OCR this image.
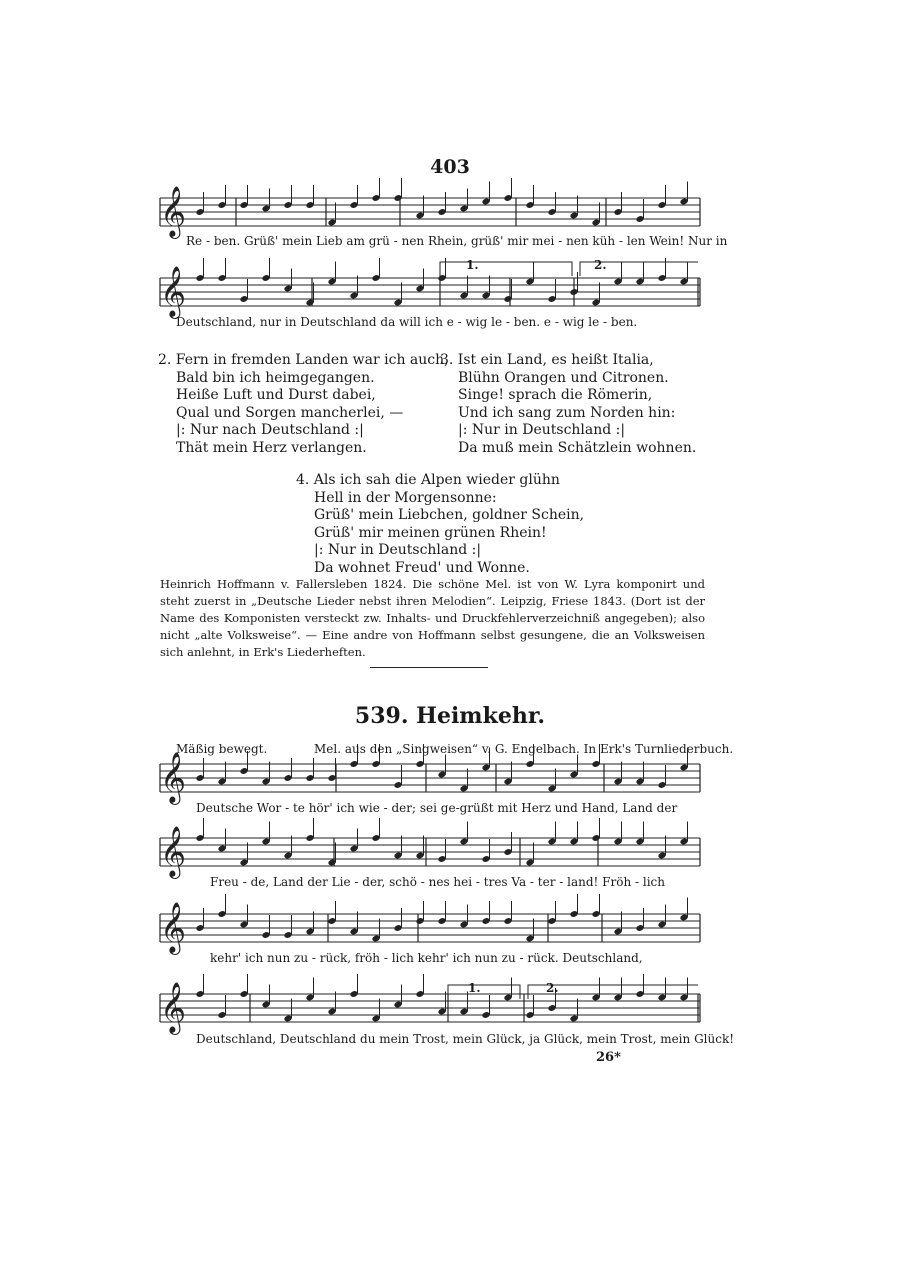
403
𝄞
𝄞
𝄞
𝄞
𝄞
𝄞
1.	2.
Re - ben. Grüß' mein Lieb am grü - nen Rhein, grüß' mir mei - nen küh - len Wein! Nur in
Deutschland, nur in Deutschland da will ich e - wig le - ben. e - wig le - ben.
2. Fern in fremden Landen war ich auch,
Bald bin ich heimgegangen.
Heiße Luft und Durst dabei,
Qual und Sorgen mancherlei, —
|: Nur nach Deutschland :|
Thät mein Herz verlangen.
3. Ist ein Land, es heißt Italia,
Blühn Orangen und Citronen.
Singe! sprach die Römerin,
Und ich sang zum Norden hin:
|: Nur in Deutschland :|
Da muß mein Schätzlein wohnen.
4. Als ich sah die Alpen wieder glühn
Hell in der Morgensonne:
Grüß' mein Liebchen, goldner Schein,
Grüß' mir meinen grünen Rhein!
|: Nur in Deutschland :|
Da wohnet Freud' und Wonne.
Heinrich Hoffmann v. Fallersleben 1824. Die schöne Mel. ist von W. Lyra komponirt und steht zuerst in „Deutsche Lieder nebst ihren Melodien“. Leipzig, Friese 1843. (Dort ist der Name des Komponisten versteckt zw. Inhalts- und Druckfehlerverzeichniß angegeben); also nicht „alte Volksweise“. — Eine andre von Hoffmann selbst gesungene, die an Volksweisen sich anlehnt, in Erk's Liederheften.
539. Heimkehr.
Mäßig bewegt.	Mel. aus den „Singweisen“ v. G. Engelbach. In Erk's Turnliederbuch.
Deutsche Wor - te hör' ich wie - der; sei ge-grüßt mit Herz und Hand, Land der
Freu - de, Land der Lie - der, schö - nes hei - tres Va - ter - land! Fröh - lich
kehr' ich nun zu - rück, fröh - lich kehr' ich nun zu - rück. Deutschland,
Deutschland, Deutschland du mein Trost, mein Glück, ja Glück, mein Trost, mein Glück!
1.	2.
26*
